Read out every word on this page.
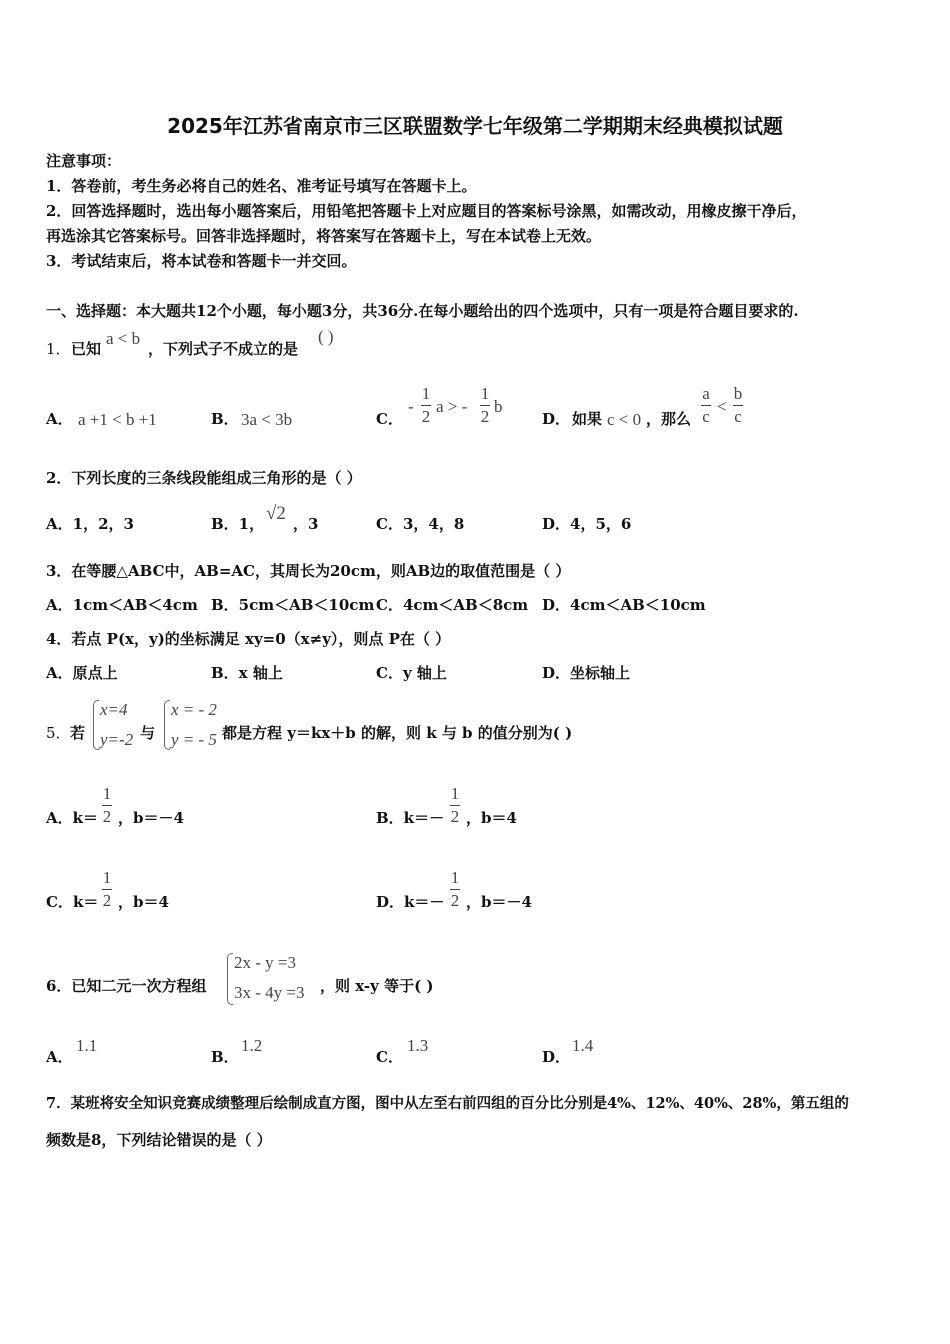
2025年江苏省南京市三区联盟数学七年级第二学期期末经典模拟试题
注意事项：
1．答卷前，考生务必将自己的姓名、准考证号填写在答题卡上。
2．回答选择题时，选出每小题答案后，用铅笔把答题卡上对应题目的答案标号涂黑，如需改动，用橡皮擦干净后，
再选涂其它答案标号。回答非选择题时，将答案写在答题卡上，写在本试卷上无效。
3．考试结束后，将本试卷和答题卡一并交回。
一、选择题：本大题共12个小题，每小题3分，共36分.在每小题给出的四个选项中，只有一项是符合题目要求的.
1． 已知
a < b
，下列式子不成立的是
( )
A． a +1 < b +1	B． 3a < 3b	C．
-
1
2
a > -
1
2
b
D． 如果 c < 0 ，那么
a
c
<
b
c
2．下列长度的三条线段能组成三角形的是（ ）
A．1，2，3	B．1， √2 ，3	C．3，4，8	D．4，5，6
3．在等腰△ABC中，AB=AC，其周长为20cm，则AB边的取值范围是（ ）
A．1cm＜AB＜4cm B．5cm＜AB＜10cm C．4cm＜AB＜8cm D．4cm＜AB＜10cm
4．若点 P(x，y)的坐标满足 xy=0（x≠y），则点 P在（ ）
A．原点上	B．x 轴上	C．y 轴上	D．坐标轴上
5． 若
x=4
y=-2 与
x = - 2
y = - 5 都是方程 y＝kx＋b 的解，则 k 与 b 的值分别为( )
A．k＝
1
2 ，b＝－4	B．k＝－
1
2 ，b＝4
C．k＝
1
2 ，b＝4	D．k＝－
1
2 ，b＝－4
6．已知二元一次方程组
2x - y =3
3x - 4y =3 ，则 x-y 等于( )
A．
1.1
B．
1.2
C．
1.3
D．
1.4
7．某班将安全知识竞赛成绩整理后绘制成直方图，图中从左至右前四组的百分比分别是4%、12%、40%、28%，第五组的
频数是8，下列结论错误的是（ ）
